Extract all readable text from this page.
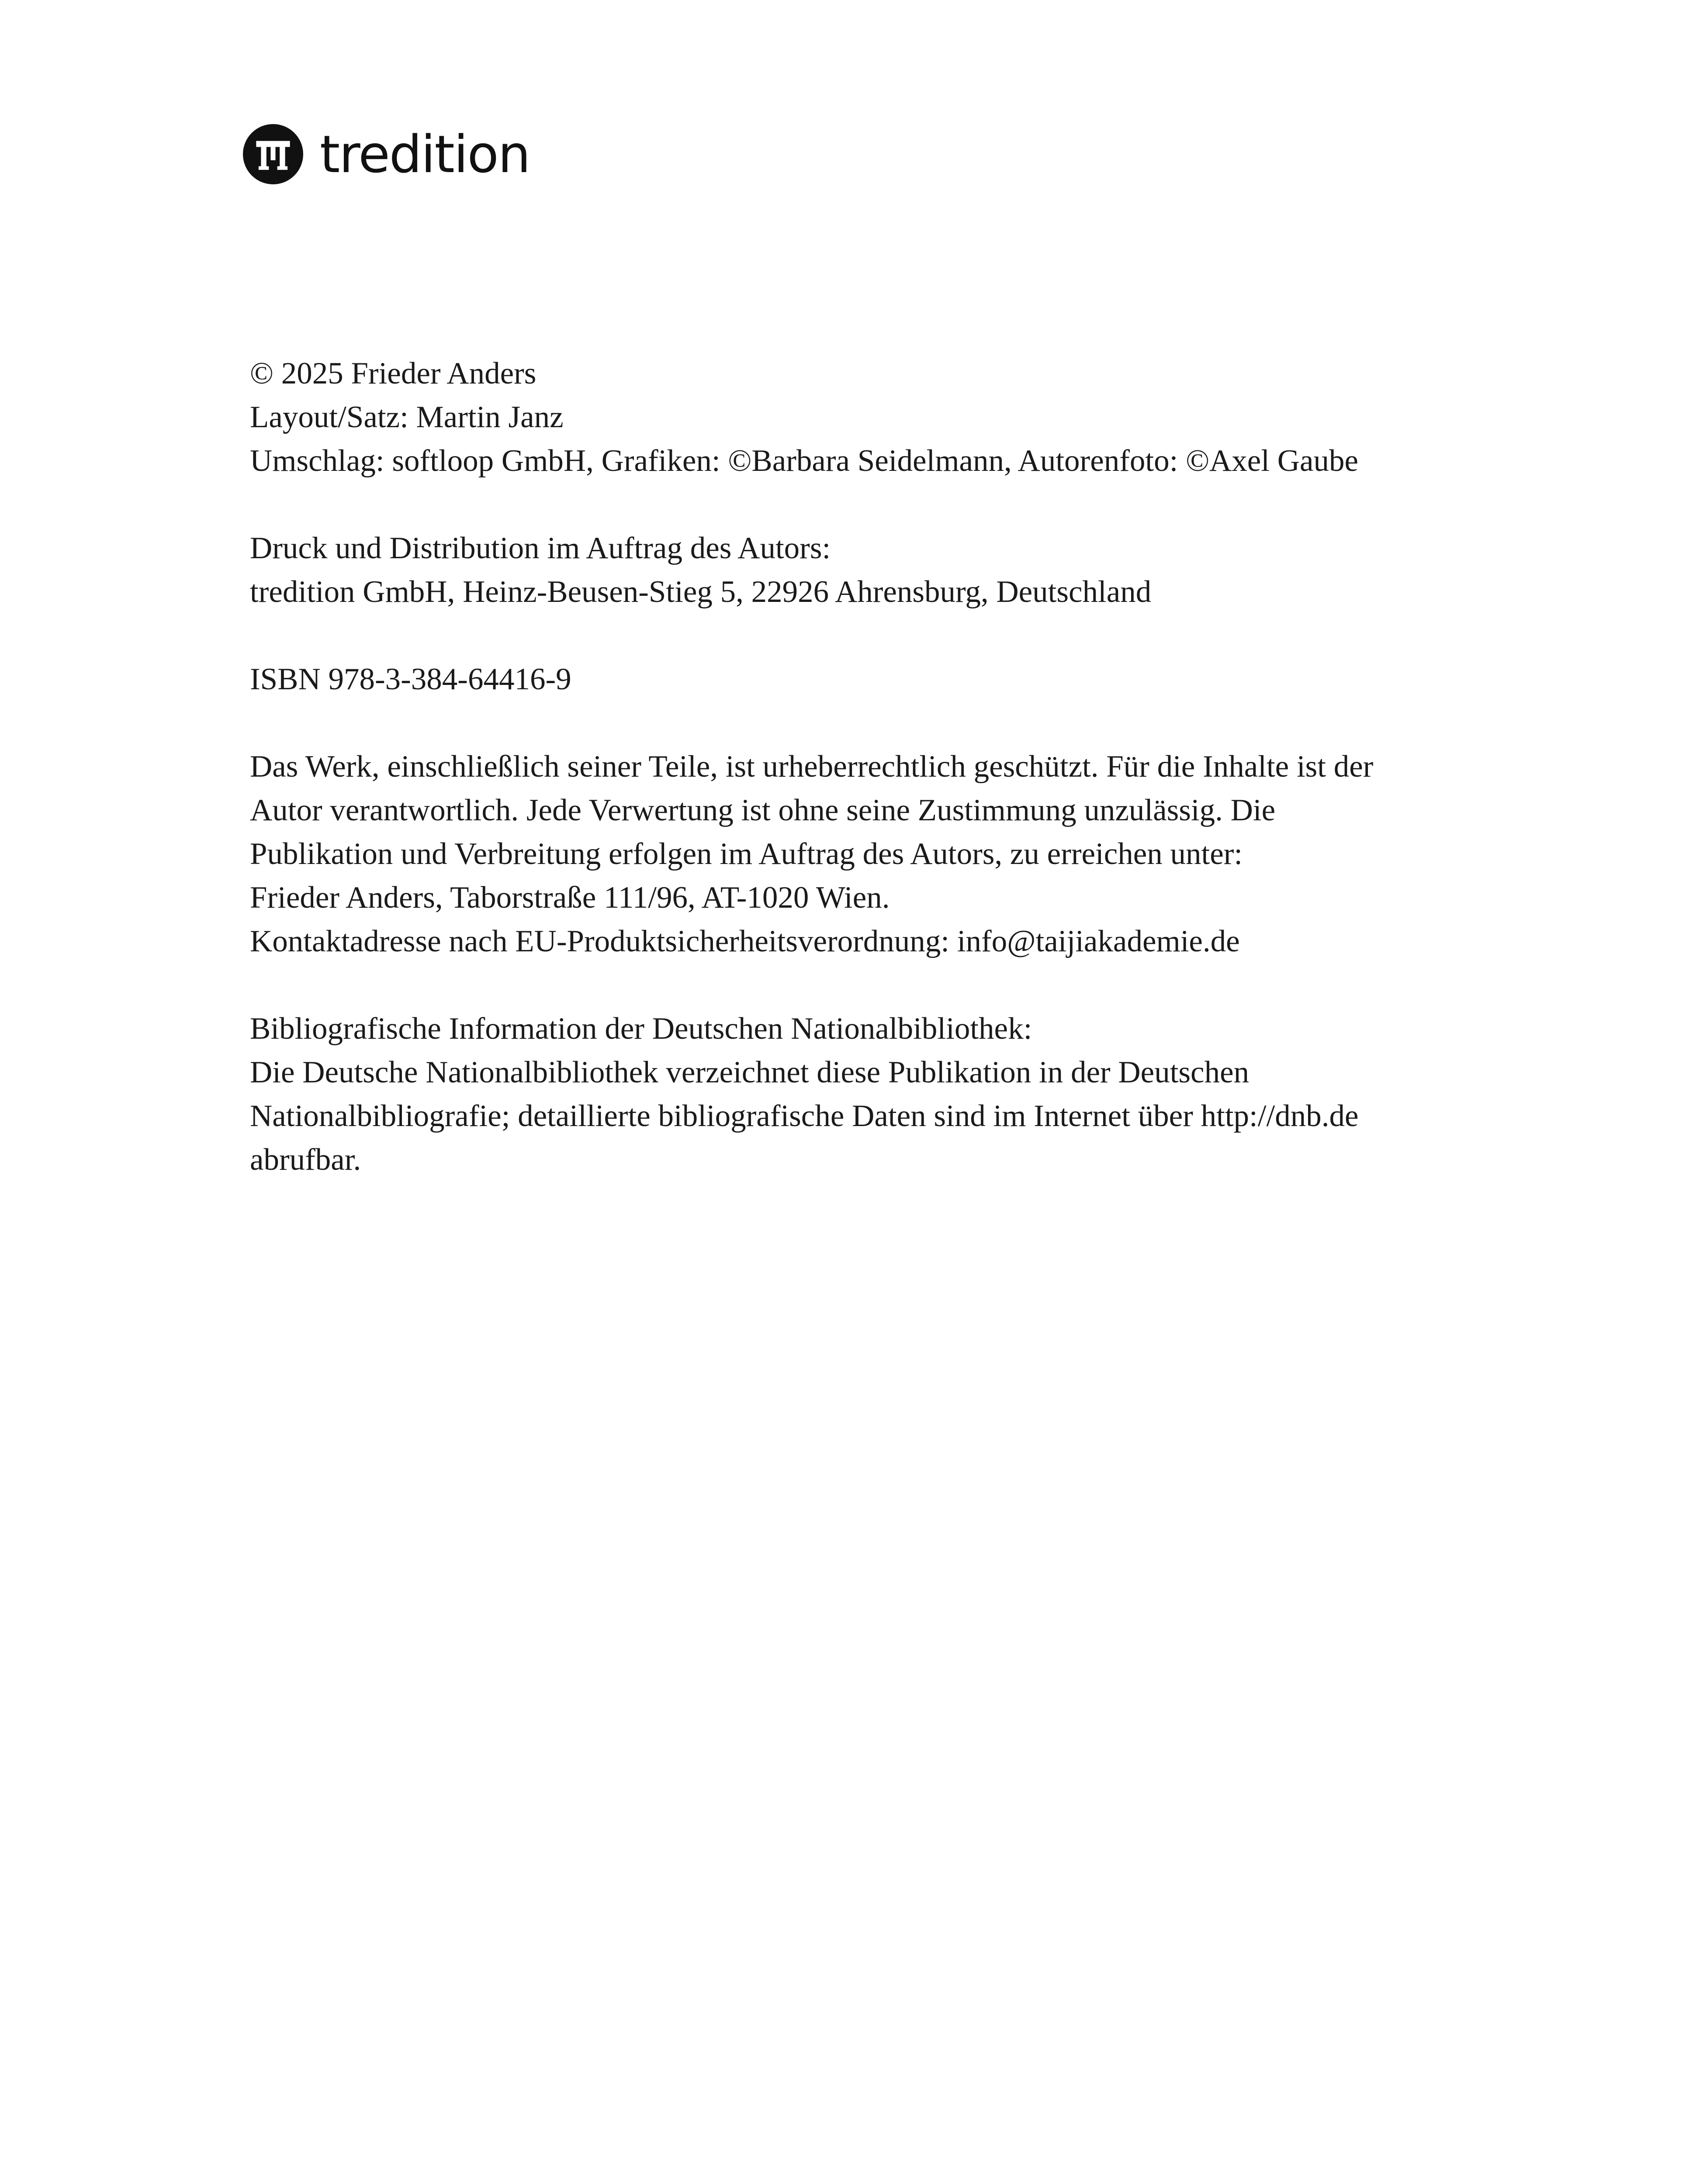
tredition
© 2025 Frieder Anders
Layout/Satz: Martin Janz
Umschlag: softloop GmbH, Grafiken: ©Barbara Seidelmann, Autorenfoto: ©Axel Gaube
Druck und Distribution im Auftrag des Autors:
tredition GmbH, Heinz-Beusen-Stieg 5, 22926 Ahrensburg, Deutschland
ISBN 978-3-384-64416-9
Das Werk, einschließlich seiner Teile, ist urheberrechtlich geschützt. Für die Inhalte ist der
Autor verantwortlich. Jede Verwertung ist ohne seine Zustimmung unzulässig. Die
Publikation und Verbreitung erfolgen im Auftrag des Autors, zu erreichen unter:
Frieder Anders, Taborstraße 111/96, AT-1020 Wien.
Kontaktadresse nach EU-Produktsicherheitsverordnung: info@taijiakademie.de
Bibliografische Information der Deutschen Nationalbibliothek:
Die Deutsche Nationalbibliothek verzeichnet diese Publikation in der Deutschen
Nationalbibliografie; detaillierte bibliografische Daten sind im Internet über http://dnb.de
abrufbar.
